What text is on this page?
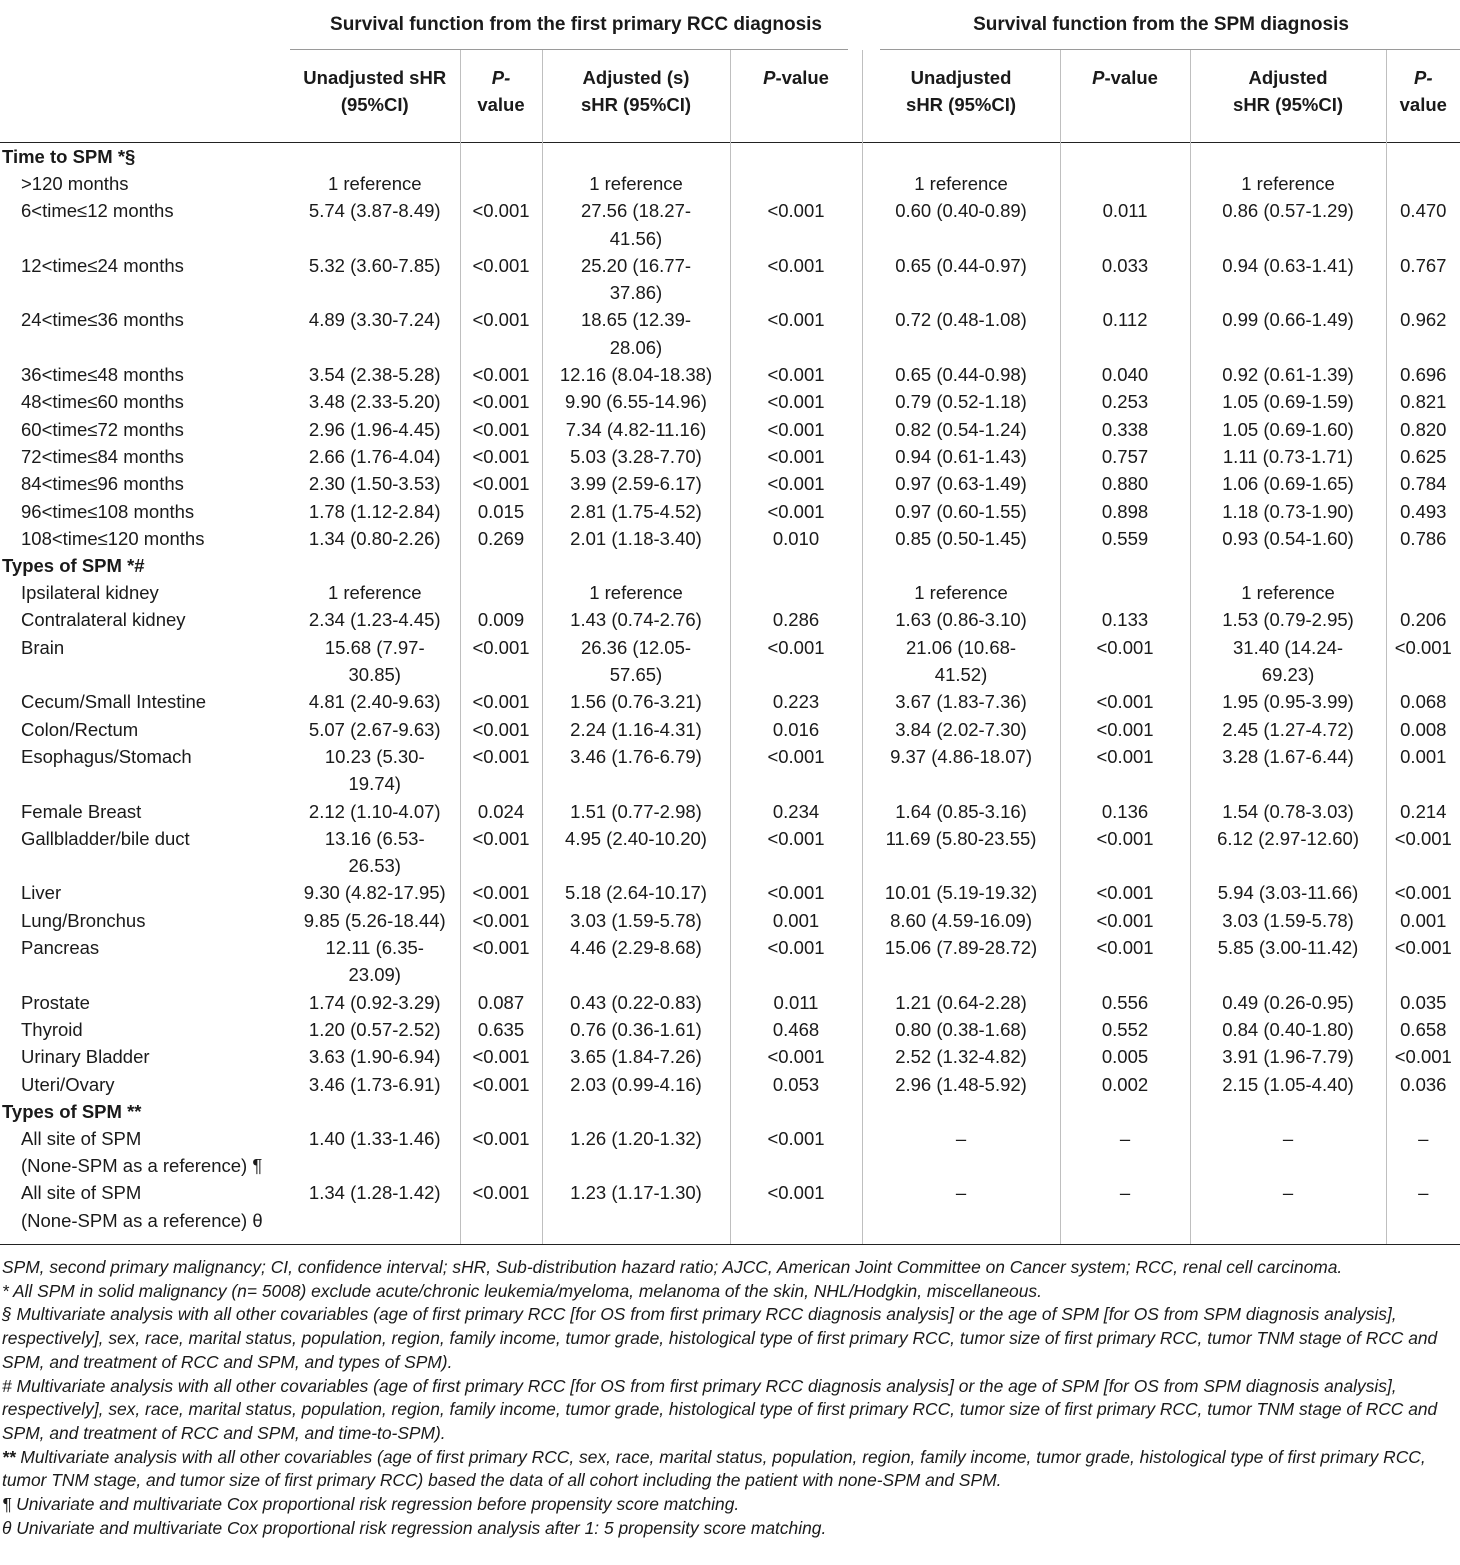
	Survival function from the first primary RCC diagnosis				Survival function from the SPM diagnosis			

	Unadjusted sHR
(95%CI)	P-
value	Adjusted (s)
sHR (95%CI)	P-value	Unadjusted
sHR (95%CI)	P-value	Adjusted
sHR (95%CI)	P-
value
Time to SPM *§								
>120 months	1 reference		1 reference		1 reference		1 reference	
6<time≤12 months	5.74 (3.87-8.49)	<0.001	27.56 (18.27-
41.56)	<0.001	0.60 (0.40-0.89)	0.011	0.86 (0.57-1.29)	0.470
12<time≤24 months	5.32 (3.60-7.85)	<0.001	25.20 (16.77-
37.86)	<0.001	0.65 (0.44-0.97)	0.033	0.94 (0.63-1.41)	0.767
24<time≤36 months	4.89 (3.30-7.24)	<0.001	18.65 (12.39-
28.06)	<0.001	0.72 (0.48-1.08)	0.112	0.99 (0.66-1.49)	0.962
36<time≤48 months	3.54 (2.38-5.28)	<0.001	12.16 (8.04-18.38)	<0.001	0.65 (0.44-0.98)	0.040	0.92 (0.61-1.39)	0.696
48<time≤60 months	3.48 (2.33-5.20)	<0.001	9.90 (6.55-14.96)	<0.001	0.79 (0.52-1.18)	0.253	1.05 (0.69-1.59)	0.821
60<time≤72 months	2.96 (1.96-4.45)	<0.001	7.34 (4.82-11.16)	<0.001	0.82 (0.54-1.24)	0.338	1.05 (0.69-1.60)	0.820
72<time≤84 months	2.66 (1.76-4.04)	<0.001	5.03 (3.28-7.70)	<0.001	0.94 (0.61-1.43)	0.757	1.11 (0.73-1.71)	0.625
84<time≤96 months	2.30 (1.50-3.53)	<0.001	3.99 (2.59-6.17)	<0.001	0.97 (0.63-1.49)	0.880	1.06 (0.69-1.65)	0.784
96<time≤108 months	1.78 (1.12-2.84)	0.015	2.81 (1.75-4.52)	<0.001	0.97 (0.60-1.55)	0.898	1.18 (0.73-1.90)	0.493
108<time≤120 months	1.34 (0.80-2.26)	0.269	2.01 (1.18-3.40)	0.010	0.85 (0.50-1.45)	0.559	0.93 (0.54-1.60)	0.786
Types of SPM *#								
Ipsilateral kidney	1 reference		1 reference		1 reference		1 reference	
Contralateral kidney	2.34 (1.23-4.45)	0.009	1.43 (0.74-2.76)	0.286	1.63 (0.86-3.10)	0.133	1.53 (0.79-2.95)	0.206
Brain	15.68 (7.97-
30.85)	<0.001	26.36 (12.05-
57.65)	<0.001	21.06 (10.68-
41.52)	<0.001	31.40 (14.24-
69.23)	<0.001
Cecum/Small Intestine	4.81 (2.40-9.63)	<0.001	1.56 (0.76-3.21)	0.223	3.67 (1.83-7.36)	<0.001	1.95 (0.95-3.99)	0.068
Colon/Rectum	5.07 (2.67-9.63)	<0.001	2.24 (1.16-4.31)	0.016	3.84 (2.02-7.30)	<0.001	2.45 (1.27-4.72)	0.008
Esophagus/Stomach	10.23 (5.30-
19.74)	<0.001	3.46 (1.76-6.79)	<0.001	9.37 (4.86-18.07)	<0.001	3.28 (1.67-6.44)	0.001
Female Breast	2.12 (1.10-4.07)	0.024	1.51 (0.77-2.98)	0.234	1.64 (0.85-3.16)	0.136	1.54 (0.78-3.03)	0.214
Gallbladder/bile duct	13.16 (6.53-
26.53)	<0.001	4.95 (2.40-10.20)	<0.001	11.69 (5.80-23.55)	<0.001	6.12 (2.97-12.60)	<0.001
Liver	9.30 (4.82-17.95)	<0.001	5.18 (2.64-10.17)	<0.001	10.01 (5.19-19.32)	<0.001	5.94 (3.03-11.66)	<0.001
Lung/Bronchus	9.85 (5.26-18.44)	<0.001	3.03 (1.59-5.78)	0.001	8.60 (4.59-16.09)	<0.001	3.03 (1.59-5.78)	0.001
Pancreas	12.11 (6.35-
23.09)	<0.001	4.46 (2.29-8.68)	<0.001	15.06 (7.89-28.72)	<0.001	5.85 (3.00-11.42)	<0.001
Prostate	1.74 (0.92-3.29)	0.087	0.43 (0.22-0.83)	0.011	1.21 (0.64-2.28)	0.556	0.49 (0.26-0.95)	0.035
Thyroid	1.20 (0.57-2.52)	0.635	0.76 (0.36-1.61)	0.468	0.80 (0.38-1.68)	0.552	0.84 (0.40-1.80)	0.658
Urinary Bladder	3.63 (1.90-6.94)	<0.001	3.65 (1.84-7.26)	<0.001	2.52 (1.32-4.82)	0.005	3.91 (1.96-7.79)	<0.001
Uteri/Ovary	3.46 (1.73-6.91)	<0.001	2.03 (0.99-4.16)	0.053	2.96 (1.48-5.92)	0.002	2.15 (1.05-4.40)	0.036
Types of SPM **								
All site of SPM
(None-SPM as a reference) ¶	1.40 (1.33-1.46)	<0.001	1.26 (1.20-1.32)	<0.001	–	–	–	–
All site of SPM
(None-SPM as a reference) θ	1.34 (1.28-1.42)	<0.001	1.23 (1.17-1.30)	<0.001	–	–	–	–
SPM, second primary malignancy; CI, confidence interval; sHR, Sub-distribution hazard ratio; AJCC, American Joint Committee on Cancer system; RCC, renal cell carcinoma.
* All SPM in solid malignancy (n= 5008) exclude acute/chronic leukemia/myeloma, melanoma of the skin, NHL/Hodgkin, miscellaneous.
§ Multivariate analysis with all other covariables (age of first primary RCC [for OS from first primary RCC diagnosis analysis] or the age of SPM [for OS from SPM diagnosis analysis], respectively], sex, race, marital status, population, region, family income, tumor grade, histological type of first primary RCC, tumor size of first primary RCC, tumor TNM stage of RCC and SPM, and treatment of RCC and SPM, and types of SPM).
# Multivariate analysis with all other covariables (age of first primary RCC [for OS from first primary RCC diagnosis analysis] or the age of SPM [for OS from SPM diagnosis analysis], respectively], sex, race, marital status, population, region, family income, tumor grade, histological type of first primary RCC, tumor size of first primary RCC, tumor TNM stage of RCC and SPM, and treatment of RCC and SPM, and time-to-SPM).
** Multivariate analysis with all other covariables (age of first primary RCC, sex, race, marital status, population, region, family income, tumor grade, histological type of first primary RCC, tumor TNM stage, and tumor size of first primary RCC) based the data of all cohort including the patient with none-SPM and SPM.
¶ Univariate and multivariate Cox proportional risk regression before propensity score matching.
θ Univariate and multivariate Cox proportional risk regression analysis after 1: 5 propensity score matching.
